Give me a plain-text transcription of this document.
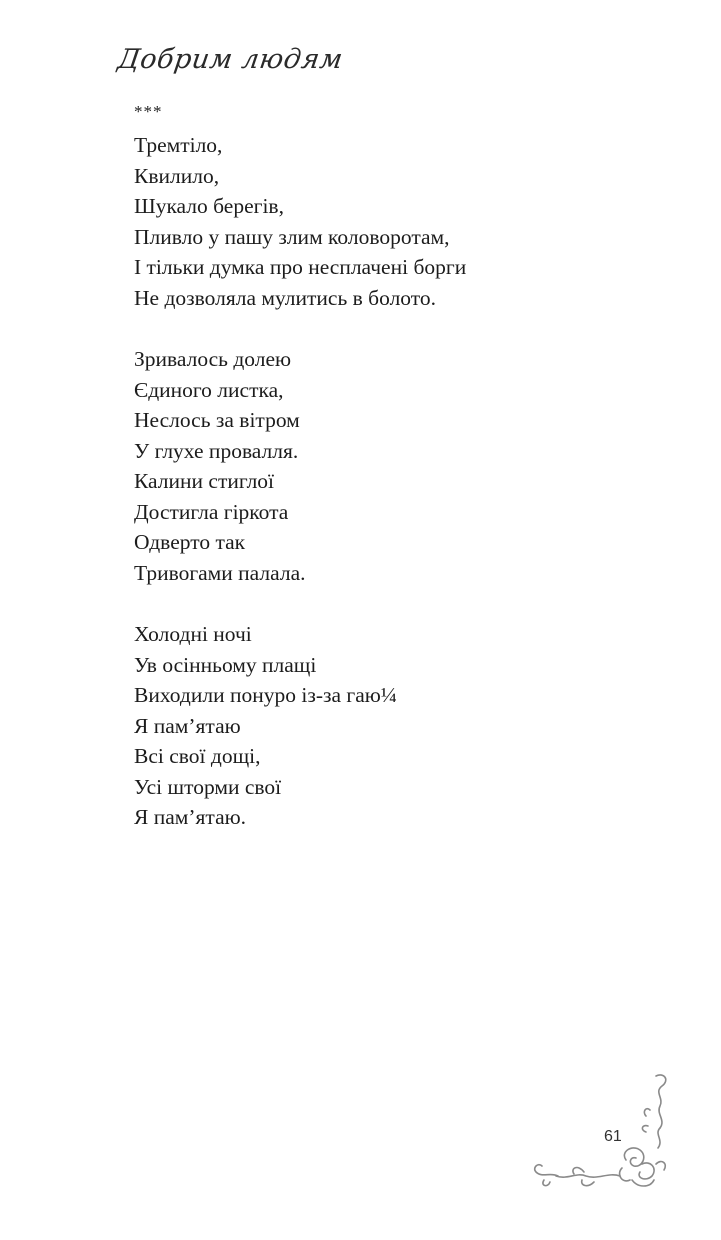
Добрим людям
***
Тремтіло,
Квилило,
Шукало берегів,
Пливло у пашу злим коловоротам,
І тільки думка про несплачені борги
Не дозволяла мулитись в болото.
Зривалось долею
Єдиного листка,
Неслось за вітром
У глухе провалля.
Калини стиглої
Достигла гіркота
Одверто так
Тривогами палала.
Холодні ночі
Ув осінньому плащі
Виходили понуро із-за гаю¼
Я пам’ятаю
Всі свої дощі,
Усі шторми свої
Я пам’ятаю.
61
